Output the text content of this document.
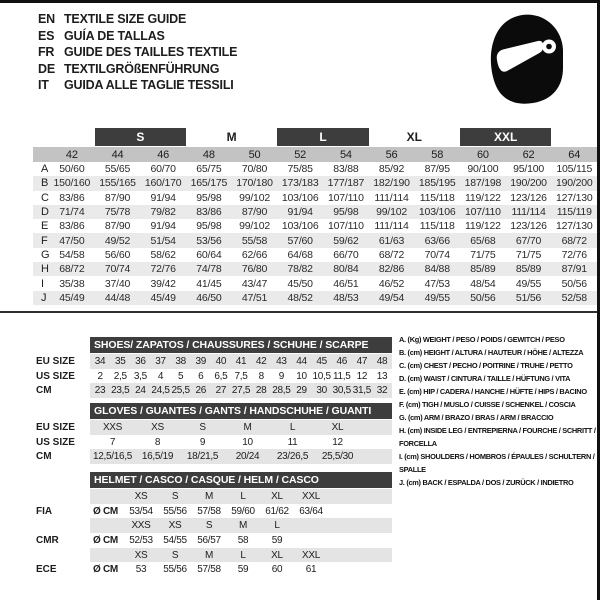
EN TEXTILE SIZE GUIDE
ES GUÍA DE TALLAS
FR GUIDE DES TAILLES TEXTILE
DE TEXTILGRÖßENFÜHRUNG
IT	GUIDA ALLE TAGLIE TESSILI
S	M	L	XL	XXL
42	44	46	48	50	52	54	56	58	60	62	64
A	50/60	55/65	60/70	65/75	70/80	75/85	83/88	85/92	87/95	90/100	95/100	105/115
B 150/160 155/165 160/170 165/175 170/180 173/183 177/187 182/190 185/195 187/198 190/200 190/200
C 83/86	87/90	91/94	95/98	99/102	103/106 107/110	111/114	115/118 119/122 123/126 127/130
D 71/74	75/78	79/82	83/86	87/90	91/94	95/98	99/102	103/106 107/110	111/114	115/119
E	83/86	87/90	91/94	95/98	99/102	103/106 107/110	111/114	115/118 119/122 123/126 127/130
F	47/50	49/52	51/54	53/56	55/58	57/60	59/62	61/63	63/66	65/68	67/70	68/72
G 54/58	56/60	58/62	60/64	62/66	64/68	66/70	68/72	70/74	71/75	71/75	72/76
H 68/72	70/74	72/76	74/78	76/80	78/82	80/84	82/86	84/88	85/89	85/89	87/91
I	35/38	37/40	39/42	41/45	43/47	45/50	46/51	46/52	47/53	48/54	49/55	50/56
J	45/49	44/48	45/49	46/50	47/51	48/52	48/53	49/54	49/55	50/56	51/56	52/58
SHOES/ ZAPATOS / CHAUSSURES / SCHUHE / SCARPE
EU SIZE	34 35 36 37 38 39 40 41 42 43 44 45 46 47 48
US SIZE	2	2,5 3,5	4	5	6	6,5 7,5	8	9	10 10,5 11,5 12 13
CM	23 23,5 24 24,5 25,5 26 27 27,5 28 28,5 29 30 30,5 31,5 32
GLOVES / GUANTES / GANTS / HANDSCHUHE / GUANTI
EU SIZE	XXS	XS	S	M	L	XL
US SIZE	7	8	9	10	11	12
CM	12,5/16,5 16,5/19	18/21,5	20/24	23/26,5	25,5/30
HELMET / CASCO / CASQUE / HELM / CASCO
XS	S	M	L	XL	XXL
FIA	Ø CM	53/54	55/56	57/58	59/60	61/62	63/64
XXS	XS	S	M	L
CMR	Ø CM	52/53	54/55	56/57	58	59
XS	S	M	L	XL	XXL
ECE	Ø CM	53	55/56	57/58	59	60	61
A. (Kg) WEIGHT / PESO / POIDS / GEWITCH / PESO
B. (cm) HEIGHT / ALTURA / HAUTEUR / HÖHE / ALTEZZA
C. (cm) CHEST / PECHO / POITRINE / TRUHE / PETTO
D. (cm) WAIST / CINTURA / TAILLE / HÜFTUNG / VITA
E. (cm) HIP / CADERA / HANCHE / HÜFTE / HIPS / BACINO
F. (cm) TIGH / MUSLO / CUISSE / SCHENKEL / COSCIA
G. (cm) ARM / BRAZO / BRAS / ARM / BRACCIO
H. (cm) INSIDE LEG / ENTREPIERNA / FOURCHE / SCHRITT / FORCELLA
I. (cm) SHOULDERS / HOMBROS / ÉPAULES / SCHULTERN / SPALLE
J. (cm) BACK / ESPALDA / DOS / ZURÜCK / INDIETRO
